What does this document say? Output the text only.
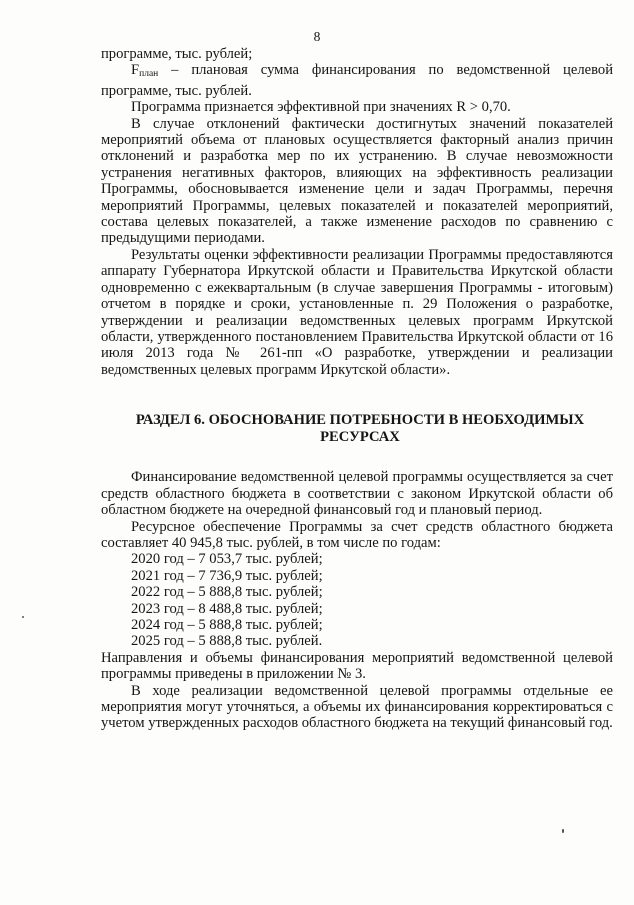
8

программе, тыс. рублей;

$F_{план}$ – плановая сумма финансирования по ведомственной целевой программе, тыс. рублей.

Программа признается эффективной при значениях R > 0,70.

В случае отклонений фактически достигнутых значений показателей мероприятий объема от плановых осуществляется факторный анализ причин отклонений и разработка мер по их устранению. В случае невозможности устранения негативных факторов, влияющих на эффективность реализации Программы, обосновывается изменение цели и задач Программы, перечня мероприятий Программы, целевых показателей и показателей мероприятий, состава целевых показателей, а также изменение расходов по сравнению с предыдущими периодами.

Результаты оценки эффективности реализации Программы предоставляются аппарату Губернатора Иркутской области и Правительства Иркутской области одновременно с ежеквартальным (в случае завершения Программы - итоговым) отчетом в порядке и сроки, установленные п. 29 Положения о разработке, утверждении и реализации ведомственных целевых программ Иркутской области, утвержденного постановлением Правительства Иркутской области от 16 июля 2013 года № 261-пп «О разработке, утверждении и реализации ведомственных целевых программ Иркутской области».

РАЗДЕЛ 6. ОБОСНОВАНИЕ ПОТРЕБНОСТИ В НЕОБХОДИМЫХ
РЕСУРСАХ

Финансирование ведомственной целевой программы осуществляется за счет средств областного бюджета в соответствии с законом Иркутской области об областном бюджете на очередной финансовый год и плановый период.

Ресурсное обеспечение Программы за счет средств областного бюджета составляет 40 945,8 тыс. рублей, в том числе по годам:

2020 год – 7 053,7 тыс. рублей;
2021 год – 7 736,9 тыс. рублей;
2022 год – 5 888,8 тыс. рублей;
2023 год – 8 488,8 тыс. рублей;
2024 год – 5 888,8 тыс. рублей;
2025 год – 5 888,8 тыс. рублей.

Направления и объемы финансирования мероприятий ведомственной целевой программы приведены в приложении № 3.

В ходе реализации ведомственной целевой программы отдельные ее мероприятия могут уточняться, а объемы их финансирования корректироваться с учетом утвержденных расходов областного бюджета на текущий финансовый год.
